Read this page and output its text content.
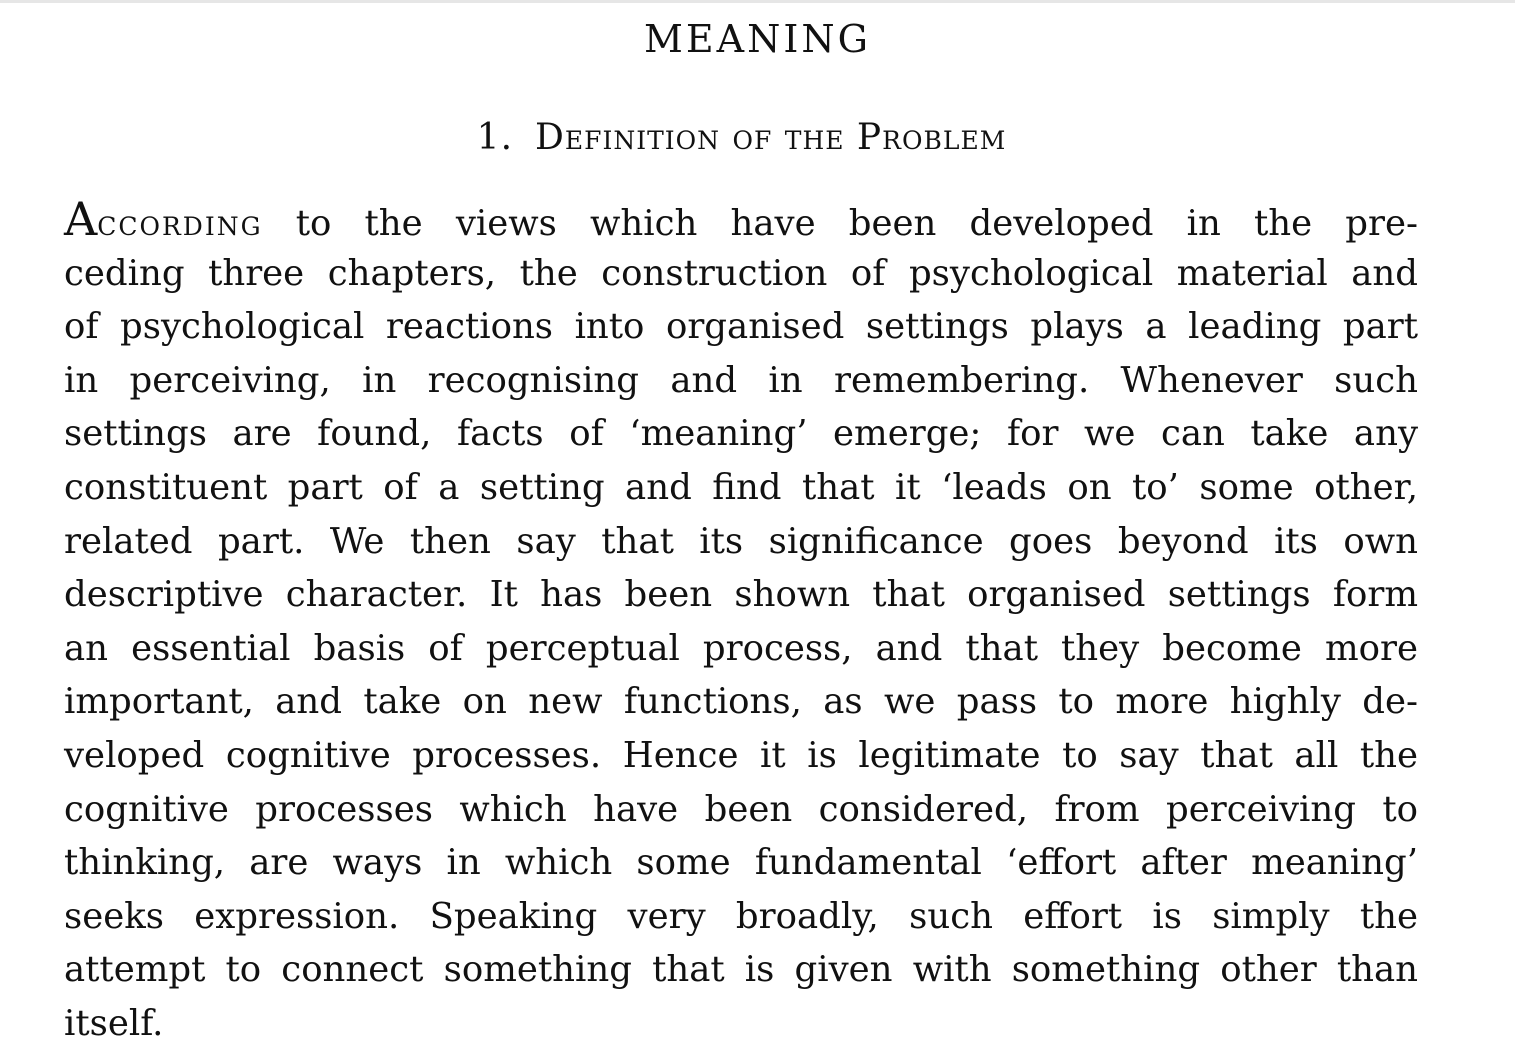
MEANING
1. Definition of the Problem
According to the views which have been developed in the pre-
ceding three chapters, the construction of psychological material and
of psychological reactions into organised settings plays a leading part
in perceiving, in recognising and in remembering. Whenever such
settings are found, facts of ‘meaning’ emerge; for we can take any
constituent part of a setting and find that it ‘leads on to’ some other,
related part. We then say that its significance goes beyond its own
descriptive character. It has been shown that organised settings form
an essential basis of perceptual process, and that they become more
important, and take on new functions, as we pass to more highly de-
veloped cognitive processes. Hence it is legitimate to say that all the
cognitive processes which have been considered, from perceiving to
thinking, are ways in which some fundamental ‘effort after meaning’
seeks expression. Speaking very broadly, such effort is simply the
attempt to connect something that is given with something other than
itself.
